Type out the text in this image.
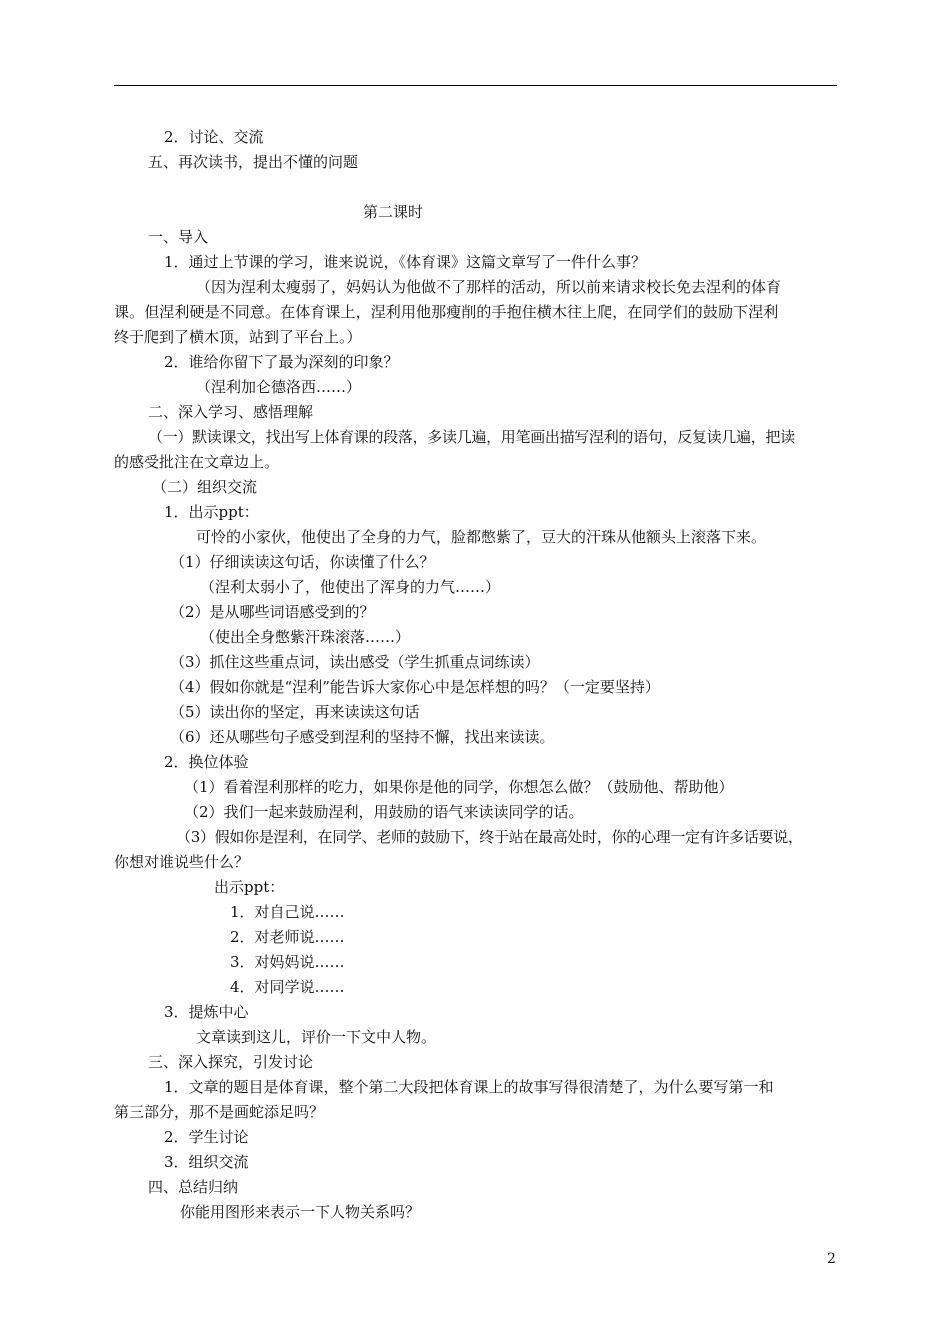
2．讨论、交流
五、再次读书，提出不懂的问题
第二课时
一、导入
1．通过上节课的学习，谁来说说，《体育课》这篇文章写了一件什么事？
（因为涅利太瘦弱了，妈妈认为他做不了那样的活动，所以前来请求校长免去涅利的体育
课。但涅利硬是不同意。在体育课上，涅利用他那瘦削的手抱住横木往上爬，在同学们的鼓励下涅利
终于爬到了横木顶，站到了平台上。）
2．谁给你留下了最为深刻的印象？
（涅利加仑德洛西……）
二、深入学习、感悟理解
（一）默读课文，找出写上体育课的段落，多读几遍，用笔画出描写涅利的语句，反复读几遍，把读
的感受批注在文章边上。
（二）组织交流
1．出示ppt：
可怜的小家伙，他使出了全身的力气，脸都憋紫了，豆大的汗珠从他额头上滚落下来。
（1）仔细读读这句话，你读懂了什么？
（涅利太弱小了，他使出了浑身的力气……）
（2）是从哪些词语感受到的？
（使出全身憋紫汗珠滚落……）
（3）抓住这些重点词，读出感受（学生抓重点词练读）
（4）假如你就是“涅利”能告诉大家你心中是怎样想的吗？（一定要坚持）
（5）读出你的坚定，再来读读这句话
（6）还从哪些句子感受到涅利的坚持不懈，找出来读读。
2．换位体验
（1）看着涅利那样的吃力，如果你是他的同学，你想怎么做？（鼓励他、帮助他）
（2）我们一起来鼓励涅利，用鼓励的语气来读读同学的话。
（3）假如你是涅利，在同学、老师的鼓励下，终于站在最高处时，你的心理一定有许多话要说，
你想对谁说些什么？
出示ppt：
1．对自己说……
2．对老师说……
3．对妈妈说……
4．对同学说……
3．提炼中心
文章读到这儿，评价一下文中人物。
三、深入探究，引发讨论
1．文章的题目是体育课，整个第二大段把体育课上的故事写得很清楚了，为什么要写第一和
第三部分，那不是画蛇添足吗？
2．学生讨论
3．组织交流
四、总结归纳
你能用图形来表示一下人物关系吗？
2
